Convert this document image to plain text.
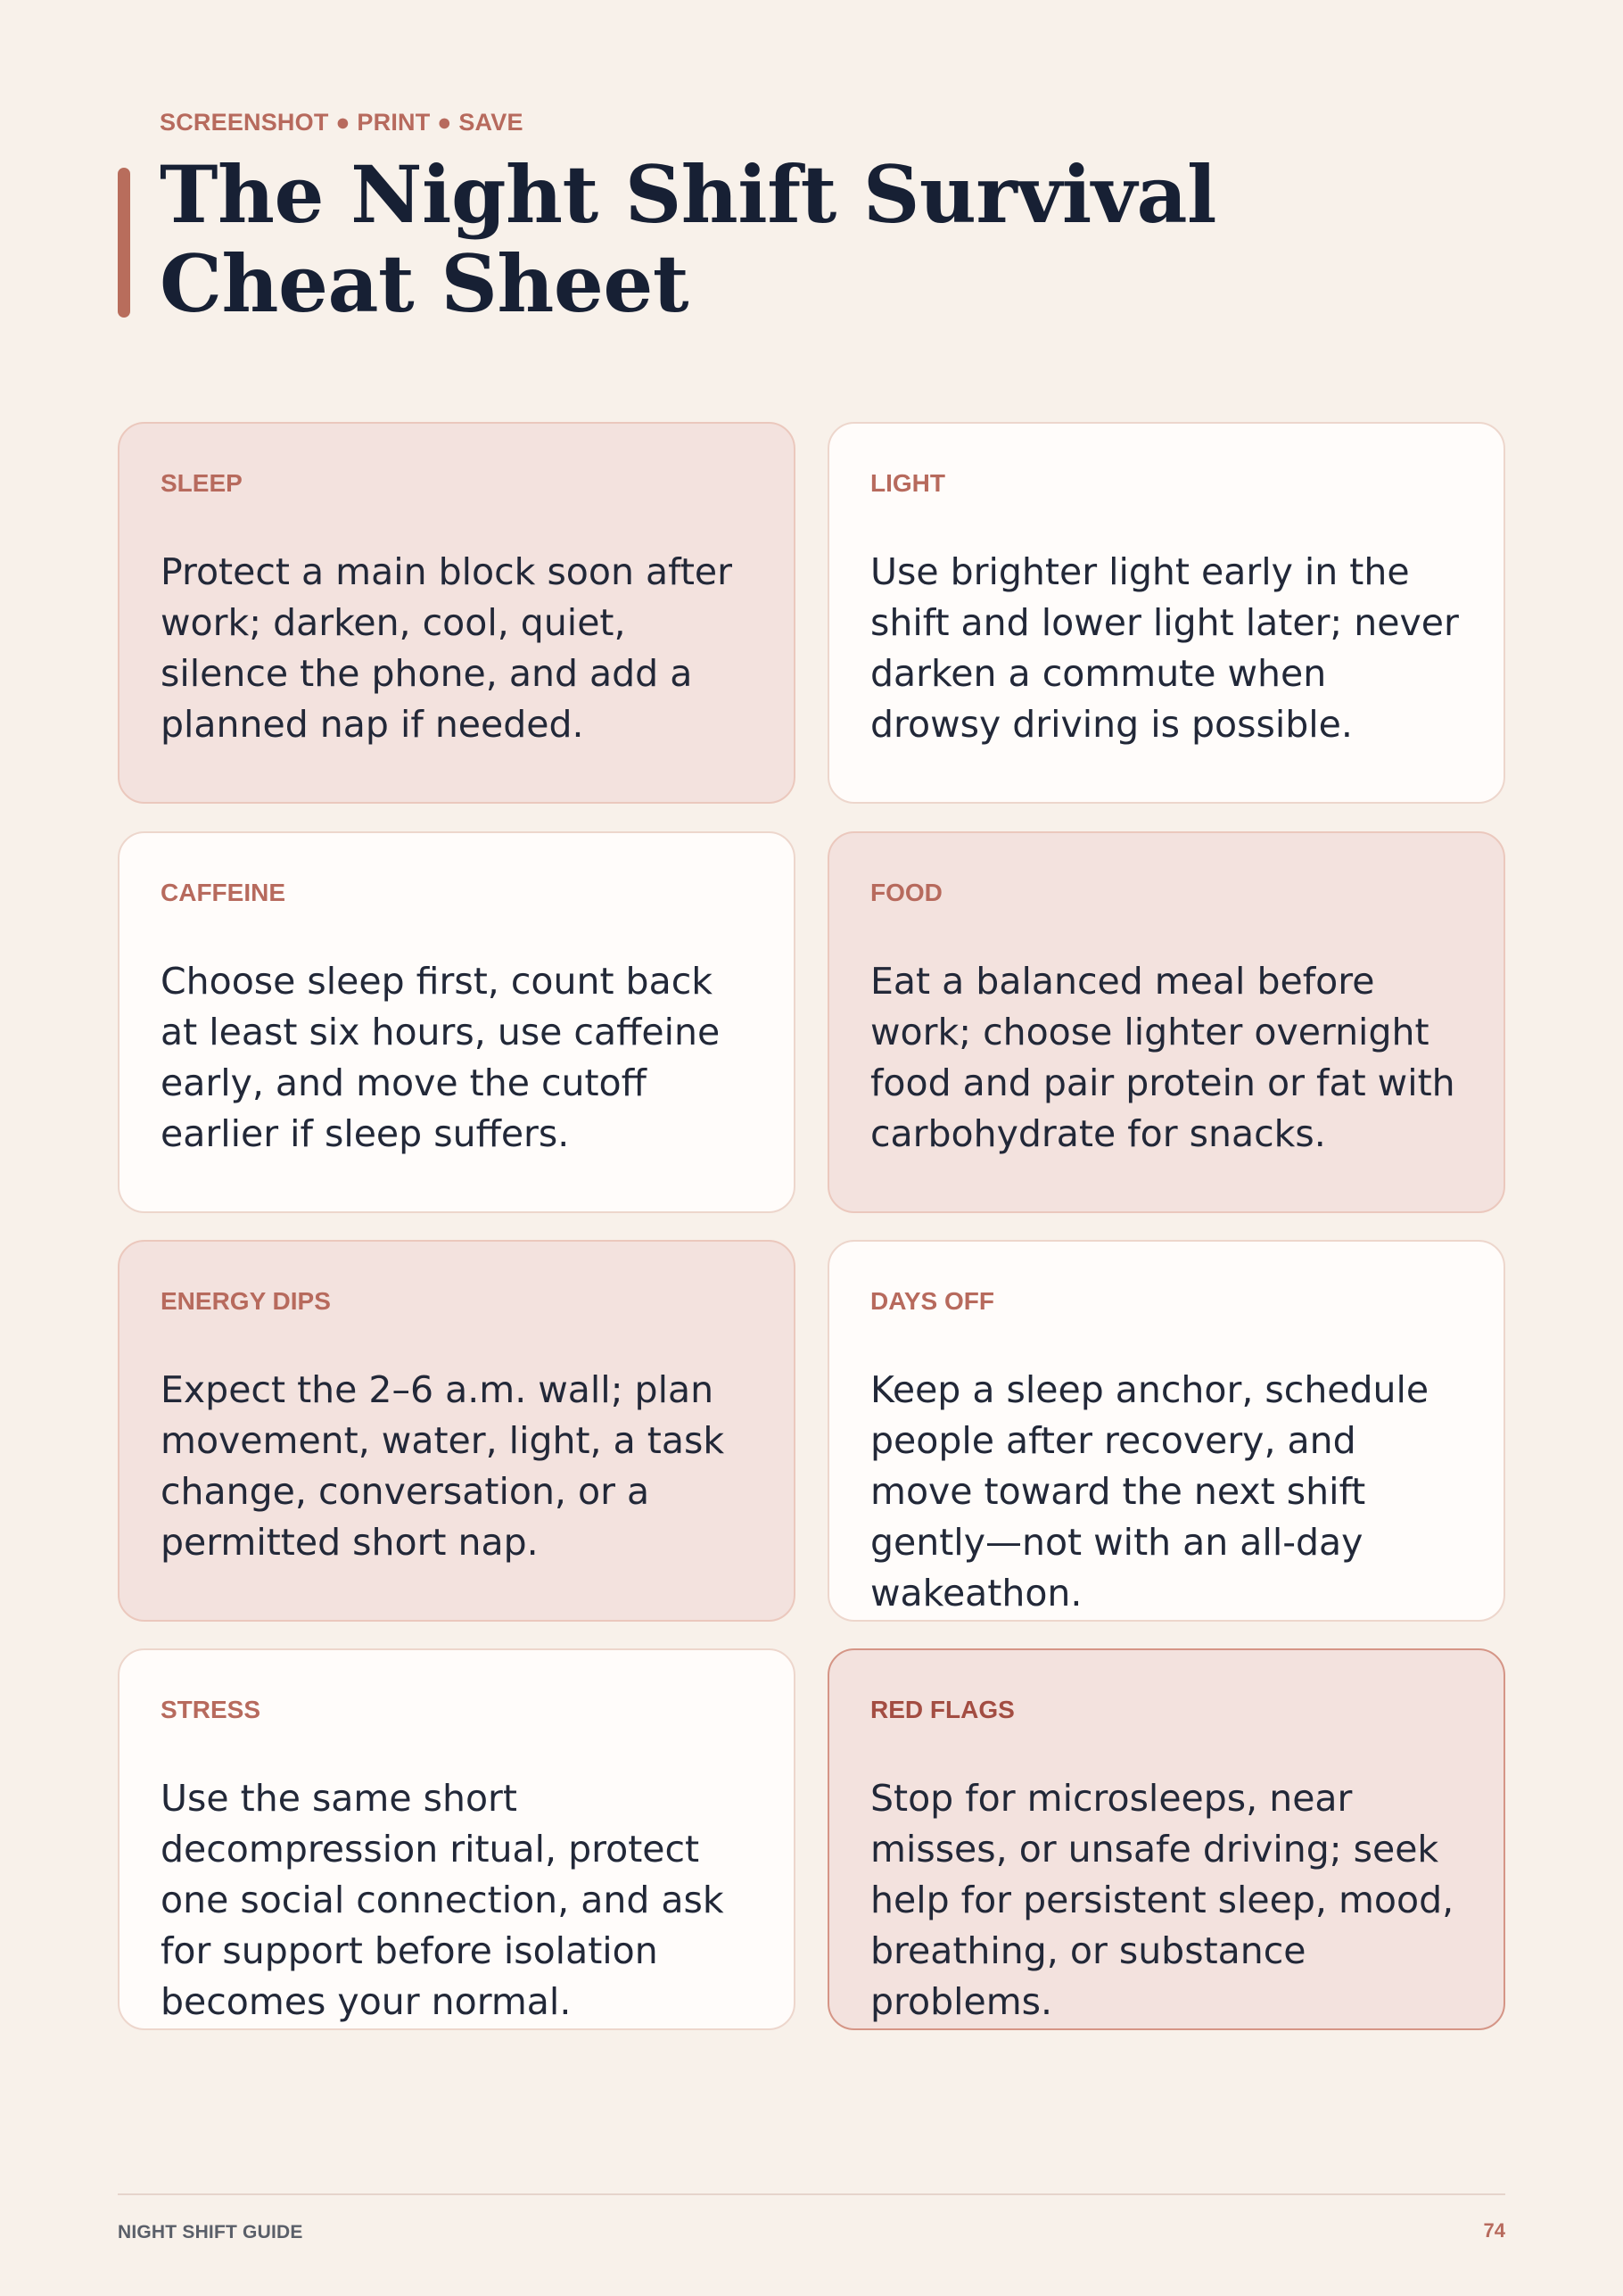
SCREENSHOT ● PRINT ● SAVE
The Night Shift Survival Cheat Sheet
SLEEP

Protect a main block soon after work; darken, cool, quiet, silence the phone, and add a planned nap if needed.

LIGHT

Use brighter light early in the shift and lower light later; never darken a commute when drowsy driving is possible.

CAFFEINE

Choose sleep first, count back at least six hours, use caffeine early, and move the cutoff earlier if sleep suffers.

FOOD

Eat a balanced meal before work; choose lighter overnight food and pair protein or fat with carbohydrate for snacks.

ENERGY DIPS

Expect the 2–6 a.m. wall; plan movement, water, light, a task change, conversation, or a permitted short nap.

DAYS OFF

Keep a sleep anchor, schedule people after recovery, and move toward the next shift gently—not with an all-day wakeathon.

STRESS

Use the same short decompression ritual, protect one social connection, and ask for support before isolation becomes your normal.

RED FLAGS

Stop for microsleeps, near misses, or unsafe driving; seek help for persistent sleep, mood, breathing, or substance problems.

NIGHT SHIFT GUIDE	74
